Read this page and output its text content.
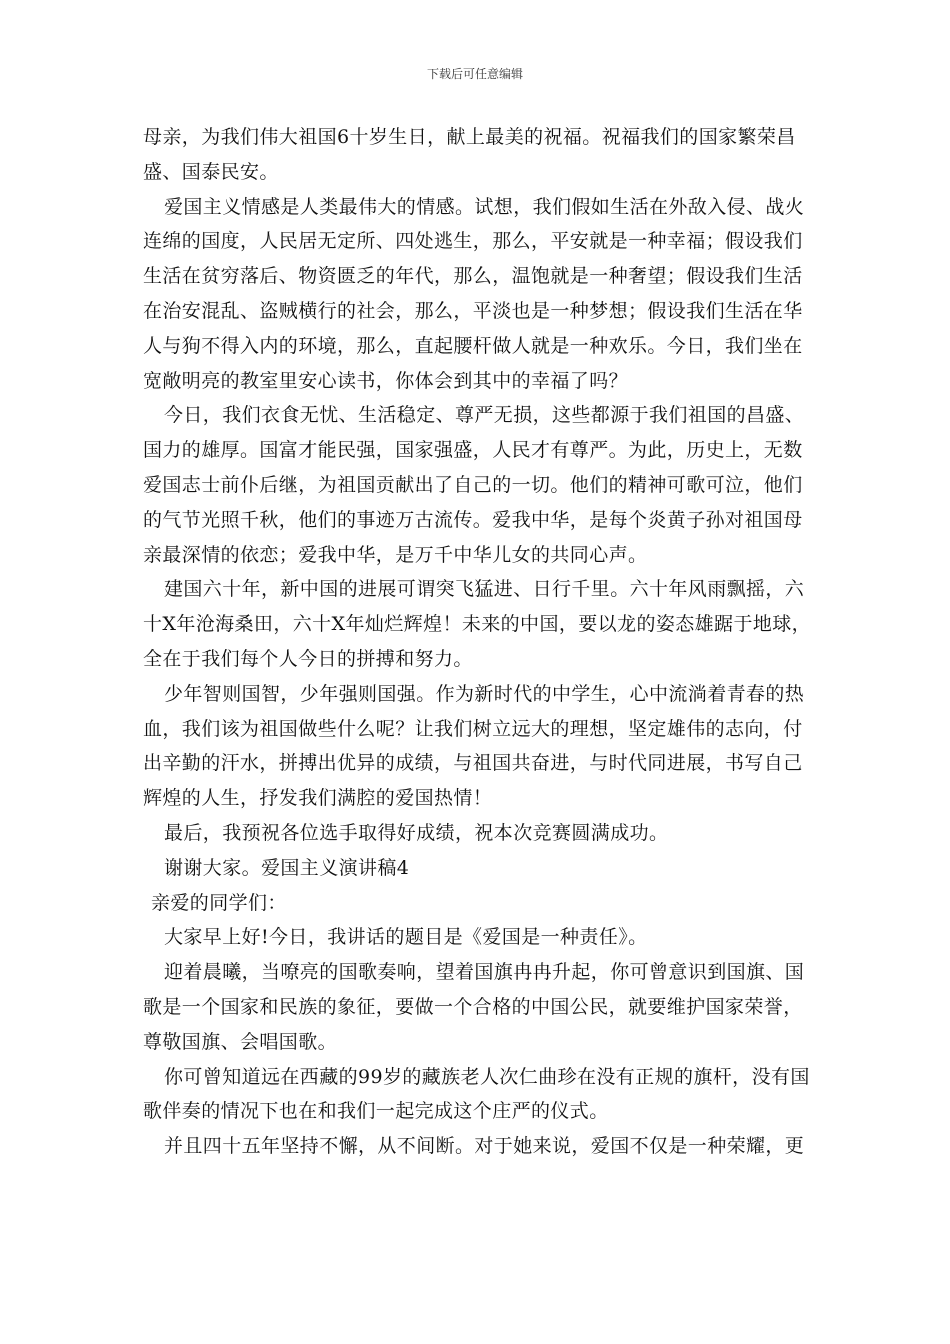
下载后可任意编辑

母亲，为我们伟大祖国6十岁生日，献上最美的祝福。祝福我们的国家繁荣昌盛、国泰民安。

爱国主义情感是人类最伟大的情感。试想，我们假如生活在外敌入侵、战火连绵的国度，人民居无定所、四处逃生，那么，平安就是一种幸福；假设我们生活在贫穷落后、物资匮乏的年代，那么，温饱就是一种奢望；假设我们生活在治安混乱、盗贼横行的社会，那么，平淡也是一种梦想；假设我们生活在华人与狗不得入内的环境，那么，直起腰杆做人就是一种欢乐。今日，我们坐在宽敞明亮的教室里安心读书，你体会到其中的幸福了吗？

今日，我们衣食无忧、生活稳定、尊严无损，这些都源于我们祖国的昌盛、国力的雄厚。国富才能民强，国家强盛，人民才有尊严。为此，历史上，无数爱国志士前仆后继，为祖国贡献出了自己的一切。他们的精神可歌可泣，他们的气节光照千秋，他们的事迹万古流传。爱我中华，是每个炎黄子孙对祖国母亲最深情的依恋；爱我中华，是万千中华儿女的共同心声。

建国六十年，新中国的进展可谓突飞猛进、日行千里。六十年风雨飘摇，六十X年沧海桑田，六十X年灿烂辉煌！未来的中国，要以龙的姿态雄踞于地球，全在于我们每个人今日的拼搏和努力。

少年智则国智，少年强则国强。作为新时代的中学生，心中流淌着青春的热血，我们该为祖国做些什么呢？让我们树立远大的理想，坚定雄伟的志向，付出辛勤的汗水，拼搏出优异的成绩，与祖国共奋进，与时代同进展，书写自己辉煌的人生，抒发我们满腔的爱国热情！

最后，我预祝各位选手取得好成绩，祝本次竞赛圆满成功。

谢谢大家。爱国主义演讲稿4

亲爱的同学们：

大家早上好!今日，我讲话的题目是《爱国是一种责任》。

迎着晨曦，当嘹亮的国歌奏响，望着国旗冉冉升起，你可曾意识到国旗、国歌是一个国家和民族的象征，要做一个合格的中国公民，就要维护国家荣誉，尊敬国旗、会唱国歌。

你可曾知道远在西藏的99岁的藏族老人次仁曲珍在没有正规的旗杆，没有国歌伴奏的情况下也在和我们一起完成这个庄严的仪式。

并且四十五年坚持不懈，从不间断。对于她来说，爱国不仅是一种荣耀，更
